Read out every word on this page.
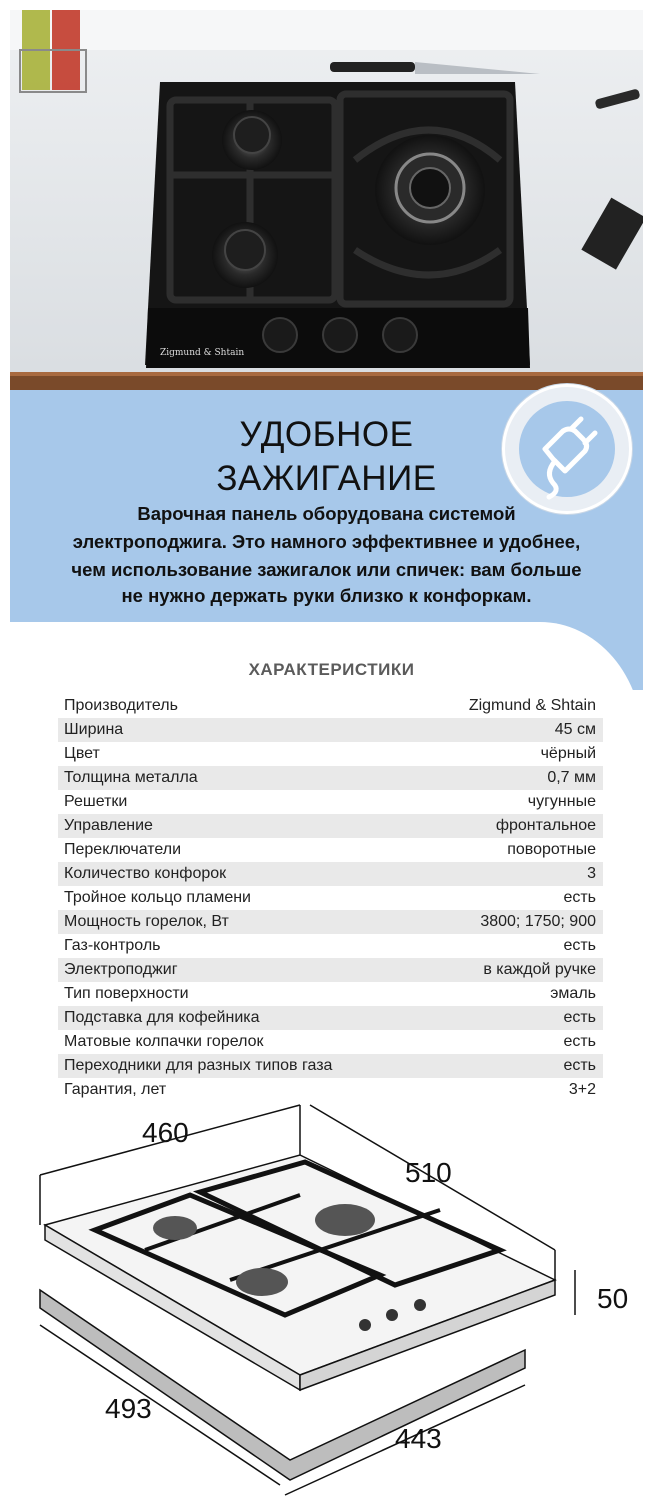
Zigmund & Shtain
УДОБНОЕ
ЗАЖИГАНИЕ
Варочная панель оборудована системой
электроподжига. Это намного эффективнее и удобнее,
чем использование зажигалок или спичек: вам больше
не нужно держать руки близко к конфоркам.
ХАРАКТЕРИСТИКИ
Производитель	Zigmund & Shtain
Ширина	45 см
Цвет	чёрный
Толщина металла	0,7 мм
Решетки	чугунные
Управление	фронтальное
Переключатели	поворотные
Количество конфорок	3
Тройное кольцо пламени	есть
Мощность горелок, Вт	3800; 1750; 900
Газ-контроль	есть
Электроподжиг	в каждой ручке
Тип поверхности	эмаль
Подставка для кофейника	есть
Матовые колпачки горелок	есть
Переходники для разных типов газа	есть
Гарантия, лет	3+2
460
510
50
493
443
